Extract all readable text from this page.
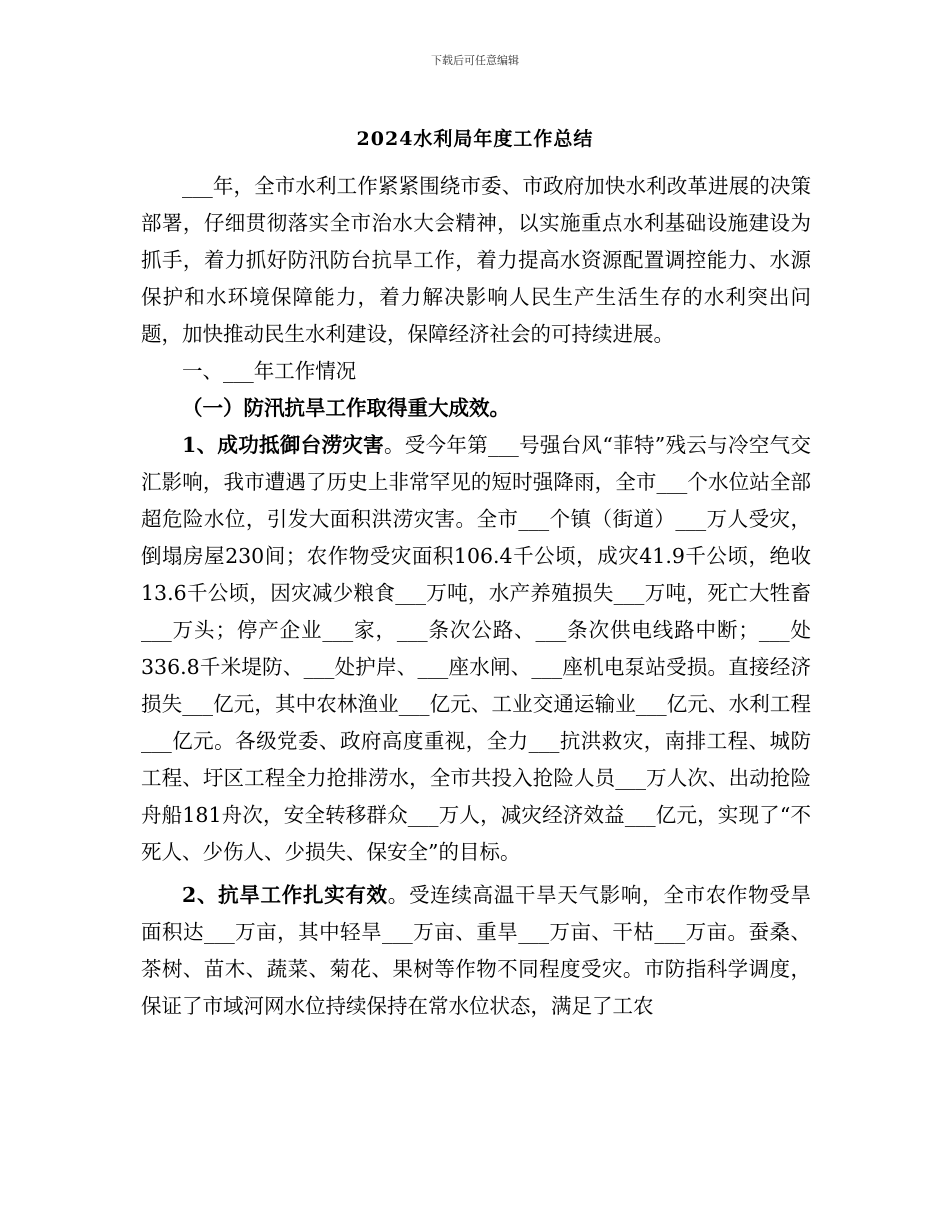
下载后可任意编辑
2024水利局年度工作总结

___年，全市水利工作紧紧围绕市委、市政府加快水利改革进展的决策部署，仔细贯彻落实全市治水大会精神，以实施重点水利基础设施建设为抓手，着力抓好防汛防台抗旱工作，着力提高水资源配置调控能力、水源保护和水环境保障能力，着力解决影响人民生产生活生存的水利突出问题，加快推动民生水利建设，保障经济社会的可持续进展。

一、___年工作情况

（一）防汛抗旱工作取得重大成效。

1、成功抵御台涝灾害。受今年第___号强台风“菲特”残云与冷空气交汇影响，我市遭遇了历史上非常罕见的短时强降雨，全市___个水位站全部超危险水位，引发大面积洪涝灾害。全市___个镇（街道）___万人受灾，倒塌房屋230间；农作物受灾面积106.4千公顷，成灾41.9千公顷，绝收13.6千公顷，因灾减少粮食___万吨，水产养殖损失___万吨，死亡大牲畜___万头；停产企业___家，___条次公路、___条次供电线路中断；___处336.8千米堤防、___处护岸、___座水闸、___座机电泵站受损。直接经济损失___亿元，其中农林渔业___亿元、工业交通运输业___亿元、水利工程___亿元。各级党委、政府高度重视，全力___抗洪救灾，南排工程、城防工程、圩区工程全力抢排涝水，全市共投入抢险人员___万人次、出动抢险舟船181舟次，安全转移群众___万人，减灾经济效益___亿元，实现了“不死人、少伤人、少损失、保安全”的目标。

2、抗旱工作扎实有效。受连续高温干旱天气影响，全市农作物受旱面积达___万亩，其中轻旱___万亩、重旱___万亩、干枯___万亩。蚕桑、茶树、苗木、蔬菜、菊花、果树等作物不同程度受灾。市防指科学调度，保证了市域河网水位持续保持在常水位状态，满足了工农
